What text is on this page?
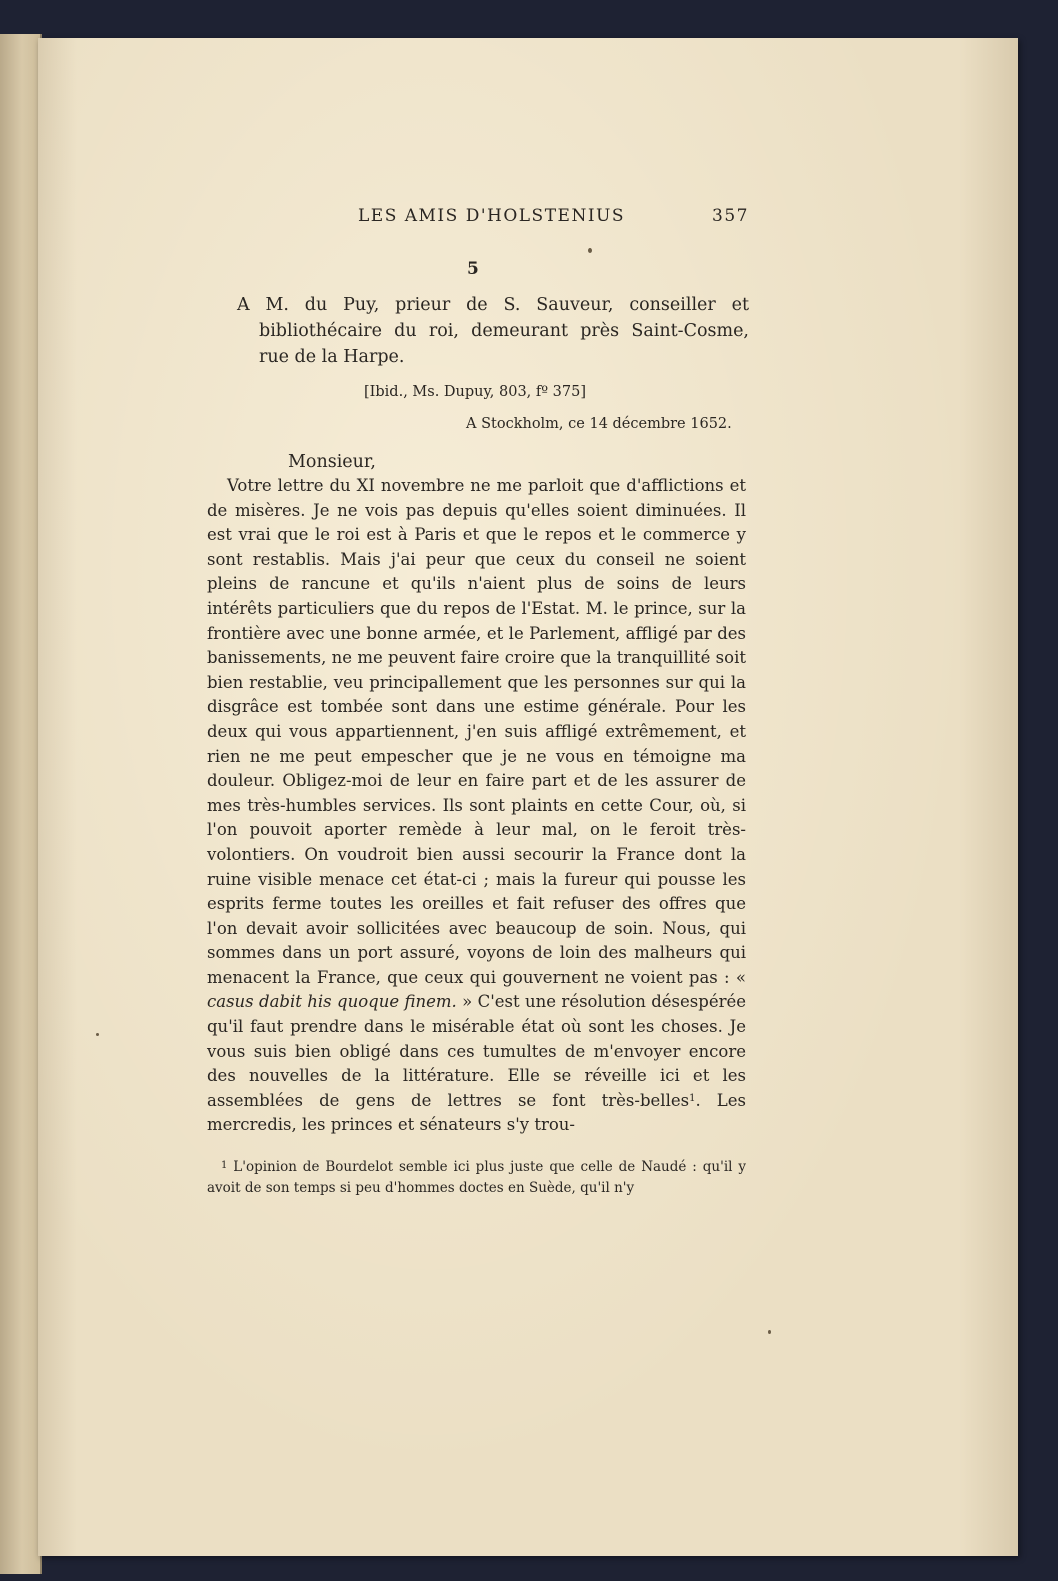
LES AMIS D'HOLSTENIUS	357
5
A M. du Puy, prieur de S. Sauveur, conseiller et bibliothécaire du roi, demeurant près Saint-Cosme, rue de la Harpe.
[Ibid., Ms. Dupuy, 803, fº 375]
A Stockholm, ce 14 décembre 1652.
Monsieur,

Votre lettre du XI novembre ne me parloit que d'afflictions et de misères. Je ne vois pas depuis qu'elles soient diminuées. Il est vrai que le roi est à Paris et que le repos et le commerce y sont restablis. Mais j'ai peur que ceux du conseil ne soient pleins de rancune et qu'ils n'aient plus de soins de leurs intérêts particuliers que du repos de l'Estat. M. le prince, sur la frontière avec une bonne armée, et le Parlement, affligé par des banissements, ne me peuvent faire croire que la tranquillité soit bien restablie, veu principallement que les personnes sur qui la disgrâce est tombée sont dans une estime générale. Pour les deux qui vous appartiennent, j'en suis affligé extrêmement, et rien ne me peut empescher que je ne vous en témoigne ma douleur. Obligez-moi de leur en faire part et de les assurer de mes très-humbles services. Ils sont plaints en cette Cour, où, si l'on pouvoit aporter remède à leur mal, on le feroit très-volontiers. On voudroit bien aussi secourir la France dont la ruine visible menace cet état-ci ; mais la fureur qui pousse les esprits ferme toutes les oreilles et fait refuser des offres que l'on devait avoir sollicitées avec beaucoup de soin. Nous, qui sommes dans un port assuré, voyons de loin des malheurs qui menacent la France, que ceux qui gouvernent ne voient pas : « casus dabit his quoque finem. » C'est une résolution désespérée qu'il faut prendre dans le misérable état où sont les choses. Je vous suis bien obligé dans ces tumultes de m'envoyer encore des nouvelles de la littérature. Elle se réveille ici et les assemblées de gens de lettres se font très-belles$^1$. Les mercredis, les princes et sénateurs s'y trou-

$^1$ L'opinion de Bourdelot semble ici plus juste que celle de Naudé : qu'il y avoit de son temps si peu d'hommes doctes en Suède, qu'il n'y
